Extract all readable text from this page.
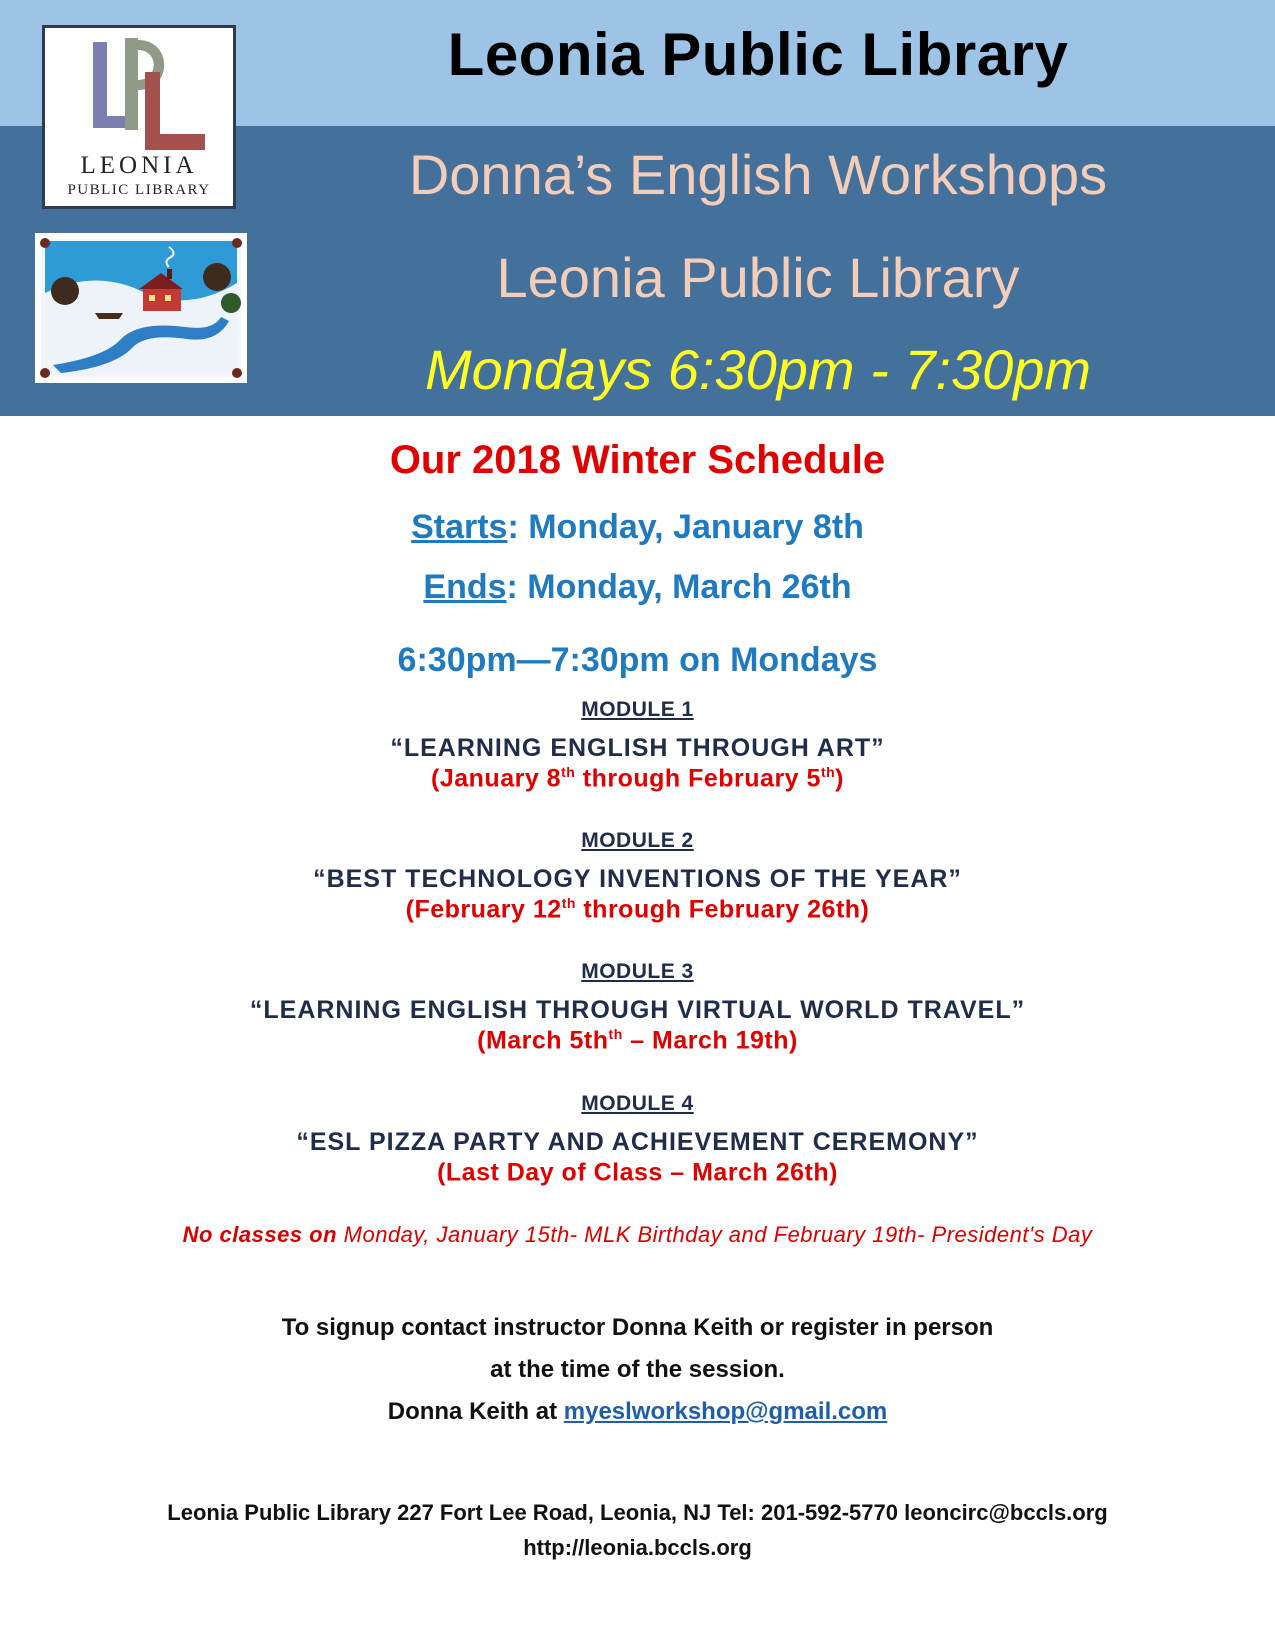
LEONIA
PUBLIC LIBRARY
Leonia Public Library
Donna’s English Workshops
Leonia Public Library
Mondays 6:30pm - 7:30pm
Our 2018 Winter Schedule
Starts: Monday, January 8th
Ends: Monday, March 26th
6:30pm—7:30pm on Mondays
MODULE 1
“LEARNING ENGLISH THROUGH ART”
(January 8th through February 5th)
MODULE 2
“BEST TECHNOLOGY INVENTIONS OF THE YEAR”
(February 12th through February 26th)
MODULE 3
“LEARNING ENGLISH THROUGH VIRTUAL WORLD TRAVEL”
(March $5th^{th}$ – March 19th)
MODULE 4
“ESL PIZZA PARTY AND ACHIEVEMENT CEREMONY”
(Last Day of Class – March 26th)
No classes on Monday, January 15th- MLK Birthday and February 19th- President's Day
To signup contact instructor Donna Keith or register in person
at the time of the session.
Donna Keith at myeslworkshop@gmail.com
Leonia Public Library 227 Fort Lee Road, Leonia, NJ Tel: 201-592-5770 leoncirc@bccls.org
http://leonia.bccls.org
